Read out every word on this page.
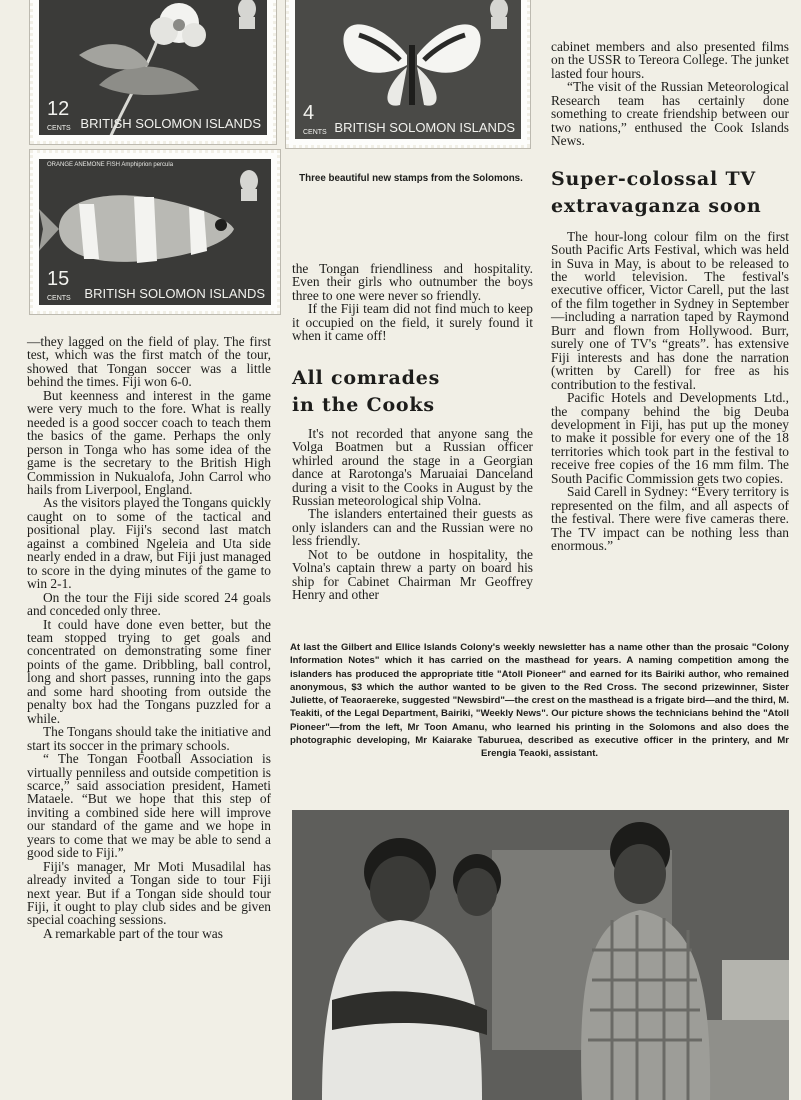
12
CENTS BRITISH SOLOMON ISLANDS 4
CENTS BRITISH SOLOMON ISLANDS
ORANGE ANEMONE FISH Amphiprion percula
15
CENTS BRITISH SOLOMON ISLANDS
Three beautiful new stamps from the Solomons.

—they lagged on the field of play. The first test, which was the first match of the tour, showed that Tongan soccer was a little behind the times. Fiji won 6-0.

But keenness and interest in the game were very much to the fore. What is really needed is a good soccer coach to teach them the basics of the game. Perhaps the only person in Tonga who has some idea of the game is the secretary to the British High Commission in Nukualofa, John Carrol who hails from Liverpool, England.

As the visitors played the Tongans quickly caught on to some of the tactical and positional play. Fiji's second last match against a combined Ngeleia and Uta side nearly ended in a draw, but Fiji just managed to score in the dying minutes of the game to win 2-1.

On the tour the Fiji side scored 24 goals and conceded only three.

It could have done even better, but the team stopped trying to get goals and concentrated on demonstrating some finer points of the game. Dribbling, ball control, long and short passes, running into the gaps and some hard shooting from outside the penalty box had the Tongans puzzled for a while.

The Tongans should take the initiative and start its soccer in the primary schools.

“ The Tongan Football Association is virtually penniless and outside competition is scarce,” said association president, Hameti Mataele. “But we hope that this step of inviting a combined side here will improve our standard of the game and we hope in years to come that we may be able to send a good side to Fiji.”

Fiji's manager, Mr Moti Musadilal has already invited a Tongan side to tour Fiji next year. But if a Tongan side should tour Fiji, it ought to play club sides and be given special coaching sessions.

A remarkable part of the tour was

the Tongan friendliness and hospitality. Even their girls who outnumber the boys three to one were never so friendly.

If the Fiji team did not find much to keep it occupied on the field, it surely found it when it came off!

All comrades
in the Cooks

It's not recorded that anyone sang the Volga Boatmen but a Russian officer whirled around the stage in a Georgian dance at Rarotonga's Maruaiai Danceland during a visit to the Cooks in August by the Russian meteorological ship Volna.

The islanders entertained their guests as only islanders can and the Russian were no less friendly.

Not to be outdone in hospitality, the Volna's captain threw a party on board his ship for Cabinet Chairman Mr Geoffrey Henry and other

cabinet members and also presented films on the USSR to Tereora College. The junket lasted four hours.

“The visit of the Russian Meteorological Research team has certainly done something to create friendship between our two nations,” enthused the Cook Islands News.

Super-colossal TV
extravaganza soon

The hour-long colour film on the first South Pacific Arts Festival, which was held in Suva in May, is about to be released to the world television. The festival's executive officer, Victor Carell, put the last of the film together in Sydney in September—including a narration taped by Raymond Burr and flown from Hollywood. Burr, surely one of TV's “greats”. has extensive Fiji interests and has done the narration (written by Carell) for free as his contribution to the festival.

Pacific Hotels and Developments Ltd., the company behind the big Deuba development in Fiji, has put up the money to make it possible for every one of the 18 territories which took part in the festival to receive free copies of the 16 mm film. The South Pacific Commission gets two copies.

Said Carell in Sydney: “Every territory is represented on the film, and all aspects of the festival. There were five cameras there. The TV impact can be nothing less than enormous.”

At last the Gilbert and Ellice Islands Colony's weekly newsletter has a name other than the prosaic "Colony Information Notes" which it has carried on the masthead for years. A naming competition among the islanders has produced the appropriate title "Atoll Pioneer" and earned for its Bairiki author, who remained anonymous, $3 which the author wanted to be given to the Red Cross. The second prizewinner, Sister Juliette, of Teaoraereke, suggested "Newsbird"—the crest on the masthead is a frigate bird—and the third, M. Teakiti, of the Legal Department, Bairiki, "Weekly News". Our picture shows the technicians behind the "Atoll Pioneer"—from the left, Mr Toon Amanu, who learned his printing in the Solomons and also does the photographic developing, Mr Kaiarake Taburuea, described as executive officer in the printery, and Mr Erengia Teaoki, assistant.
